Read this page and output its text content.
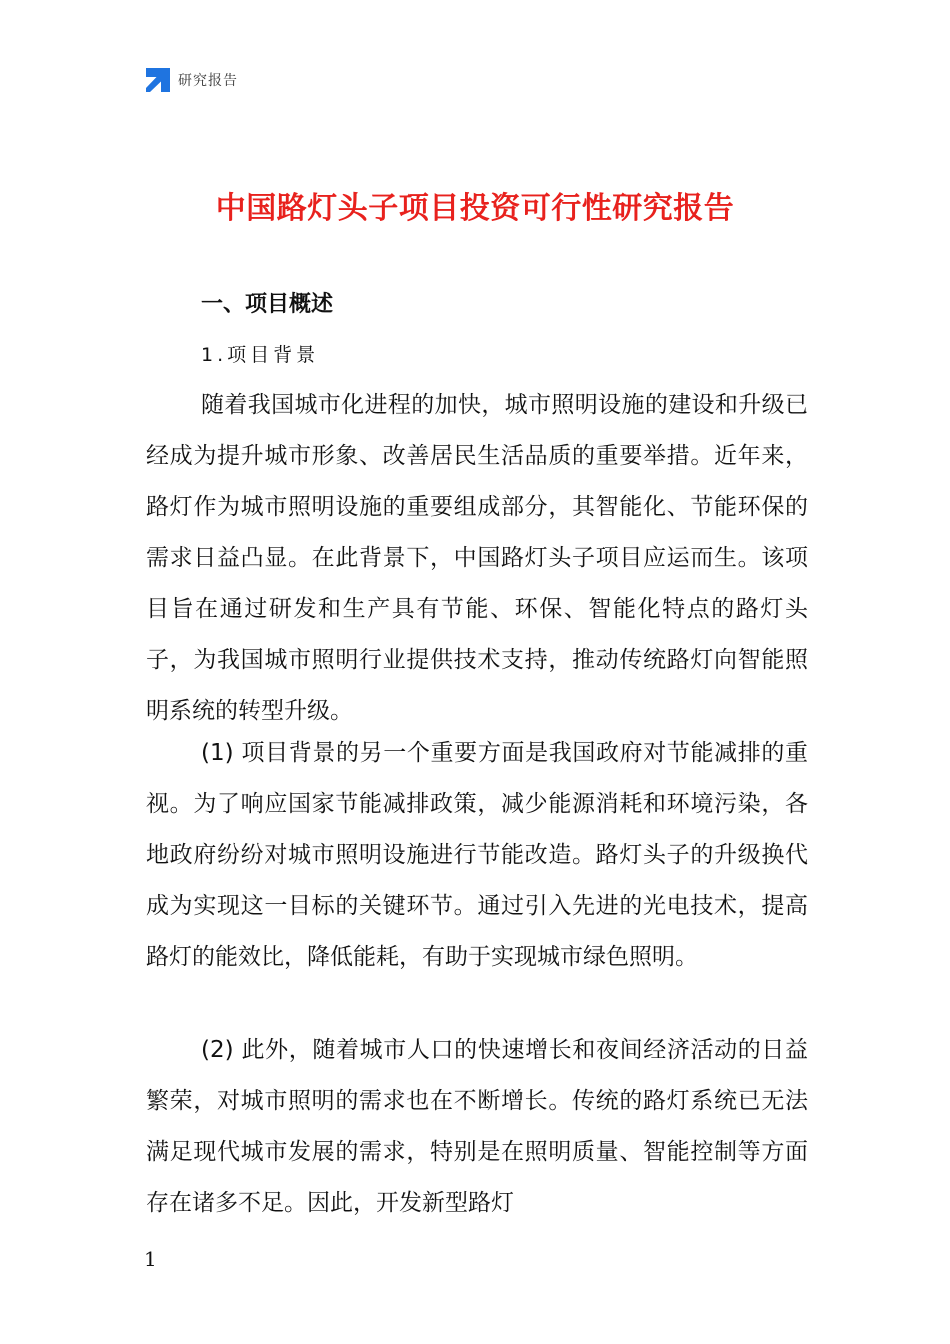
研究报告
中国路灯头子项目投资可行性研究报告
一、项目概述
1.项目背景

随着我国城市化进程的加快，城市照明设施的建设和升级已经成为提升城市形象、改善居民生活品质的重要举措。近年来，路灯作为城市照明设施的重要组成部分，其智能化、节能环保的需求日益凸显。在此背景下，中国路灯头子项目应运而生。该项目旨在通过研发和生产具有节能、环保、智能化特点的路灯头子，为我国城市照明行业提供技术支持，推动传统路灯向智能照明系统的转型升级。

(1) 项目背景的另一个重要方面是我国政府对节能减排的重视。为了响应国家节能减排政策，减少能源消耗和环境污染，各地政府纷纷对城市照明设施进行节能改造。路灯头子的升级换代成为实现这一目标的关键环节。通过引入先进的光电技术，提高路灯的能效比，降低能耗，有助于实现城市绿色照明。

(2) 此外，随着城市人口的快速增长和夜间经济活动的日益繁荣，对城市照明的需求也在不断增长。传统的路灯系统已无法满足现代城市发展的需求，特别是在照明质量、智能控制等方面存在诸多不足。因此，开发新型路灯

1
